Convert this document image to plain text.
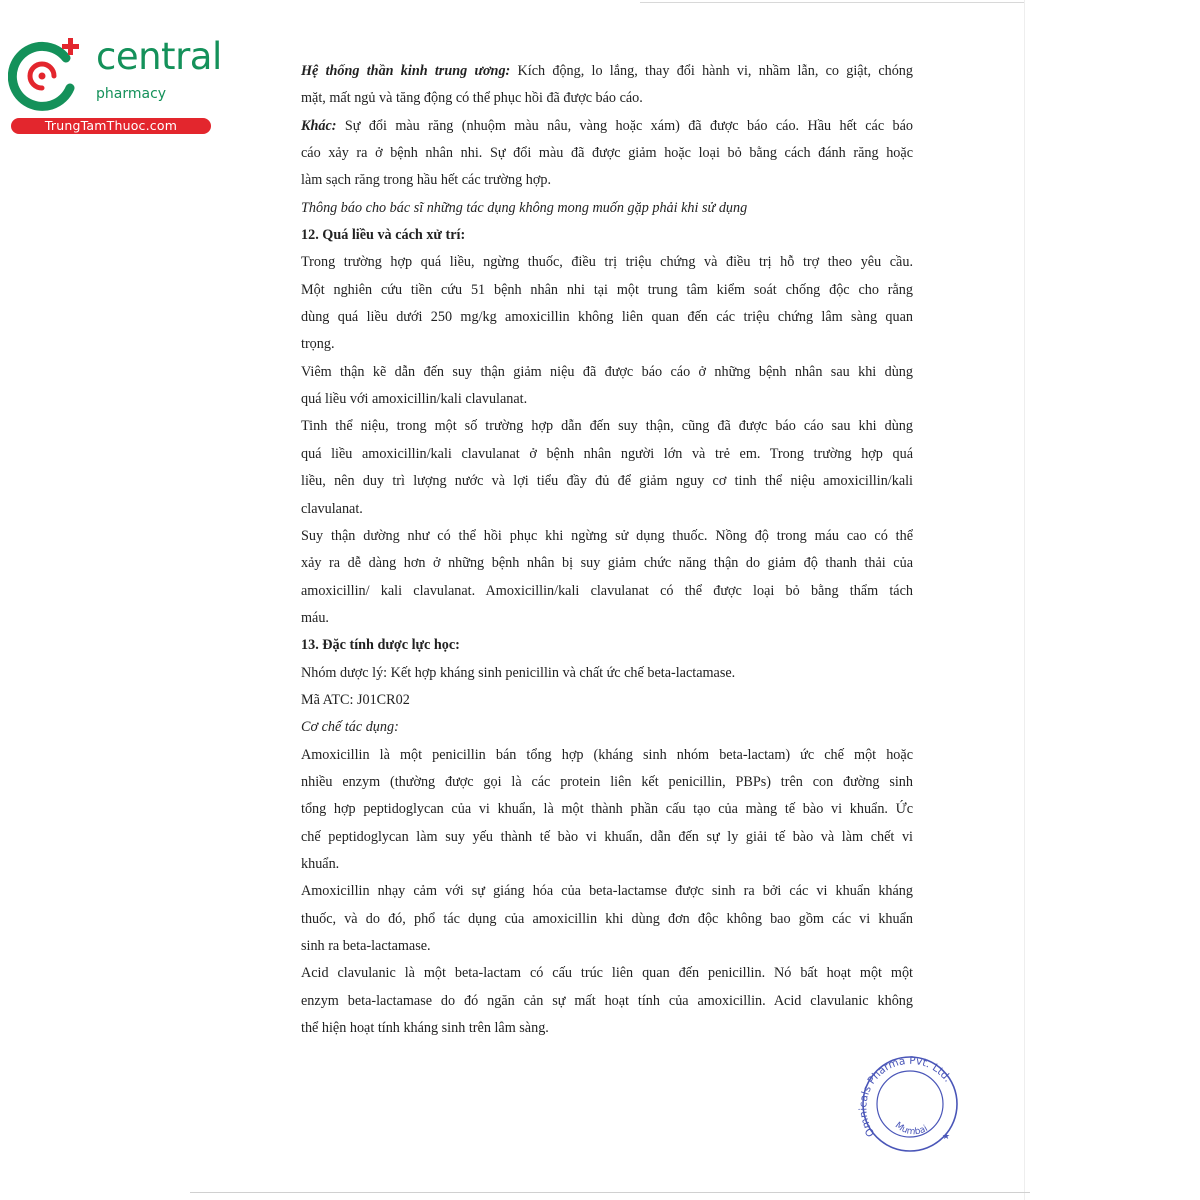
central
pharmacy
TrungTamThuoc.com
Hệ thống thần kinh trung ương: Kích động, lo lắng, thay đổi hành vi, nhầm lẫn, co giật, chóng
mặt, mất ngủ và tăng động có thể phục hồi đã được báo cáo.
Khác: Sự đổi màu răng (nhuộm màu nâu, vàng hoặc xám) đã được báo cáo. Hầu hết các báo
cáo xảy ra ở bệnh nhân nhi. Sự đổi màu đã được giảm hoặc loại bỏ bằng cách đánh răng hoặc
làm sạch răng trong hầu hết các trường hợp.
Thông báo cho bác sĩ những tác dụng không mong muốn gặp phải khi sử dụng
12. Quá liều và cách xử trí:
Trong trường hợp quá liều, ngừng thuốc, điều trị triệu chứng và điều trị hỗ trợ theo yêu cầu.
Một nghiên cứu tiền cứu 51 bệnh nhân nhi tại một trung tâm kiểm soát chống độc cho rằng
dùng quá liều dưới 250 mg/kg amoxicillin không liên quan đến các triệu chứng lâm sàng quan
trọng.
Viêm thận kẽ dẫn đến suy thận giảm niệu đã được báo cáo ở những bệnh nhân sau khi dùng
quá liều với amoxicillin/kali clavulanat.
Tinh thể niệu, trong một số trường hợp dẫn đến suy thận, cũng đã được báo cáo sau khi dùng
quá liều amoxicillin/kali clavulanat ở bệnh nhân người lớn và trẻ em. Trong trường hợp quá
liều, nên duy trì lượng nước và lợi tiểu đầy đủ để giảm nguy cơ tinh thể niệu amoxicillin/kali
clavulanat.
Suy thận dường như có thể hồi phục khi ngừng sử dụng thuốc. Nồng độ trong máu cao có thể
xảy ra dễ dàng hơn ở những bệnh nhân bị suy giảm chức năng thận do giảm độ thanh thải của
amoxicillin/ kali clavulanat. Amoxicillin/kali clavulanat có thể được loại bỏ bằng thẩm tách
máu.
13. Đặc tính dược lực học:
Nhóm dược lý: Kết hợp kháng sinh penicillin và chất ức chế beta-lactamase.
Mã ATC: J01CR02
Cơ chế tác dụng:
Amoxicillin là một penicillin bán tổng hợp (kháng sinh nhóm beta-lactam) ức chế một hoặc
nhiều enzym (thường được gọi là các protein liên kết penicillin, PBPs) trên con đường sinh
tổng hợp peptidoglycan của vi khuẩn, là một thành phần cấu tạo của màng tế bào vi khuẩn. Ức
chế peptidoglycan làm suy yếu thành tế bào vi khuẩn, dẫn đến sự ly giải tế bào và làm chết vi
khuẩn.
Amoxicillin nhạy cảm với sự giáng hóa của beta-lactamse được sinh ra bởi các vi khuẩn kháng
thuốc, và do đó, phổ tác dụng của amoxicillin khi dùng đơn độc không bao gồm các vi khuẩn
sinh ra beta-lactamase.
Acid clavulanic là một beta-lactam có cấu trúc liên quan đến penicillin. Nó bất hoạt một một
enzym beta-lactamase do đó ngăn cản sự mất hoạt tính của amoxicillin. Acid clavulanic không
thể hiện hoạt tính kháng sinh trên lâm sàng.
Omnicals Pharma Pvt. Ltd.
Mumbai
★
